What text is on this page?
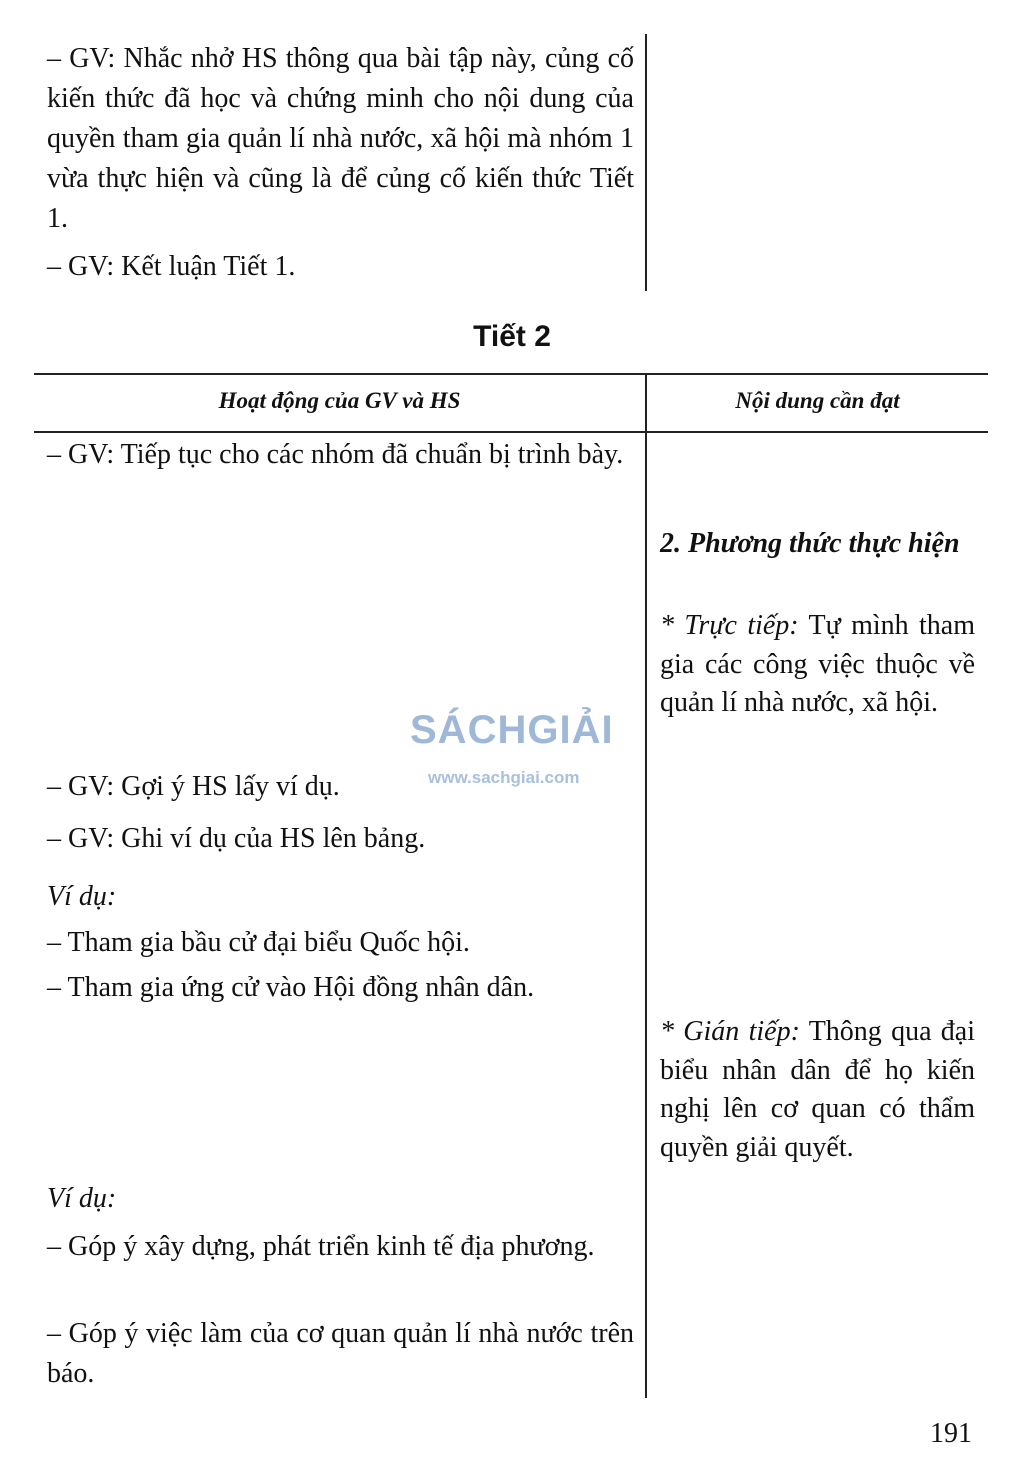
– GV: Nhắc nhở HS thông qua bài tập này, củng cố kiến thức đã học và chứng minh cho nội dung của quyền tham gia quản lí nhà nước, xã hội mà nhóm 1 vừa thực hiện và cũng là để củng cố kiến thức Tiết 1.

– GV: Kết luận Tiết 1.

Tiết 2
Hoạt động của GV và HS	Nội dung cần đạt

– GV: Tiếp tục cho các nhóm đã chuẩn bị trình bày.

– GV: Gợi ý HS lấy ví dụ.

– GV: Ghi ví dụ của HS lên bảng.

Ví dụ:

– Tham gia bầu cử đại biểu Quốc hội.

– Tham gia ứng cử vào Hội đồng nhân dân.

Ví dụ:

– Góp ý xây dựng, phát triển kinh tế địa phương.

– Góp ý việc làm của cơ quan quản lí nhà nước trên báo.

2. Phương thức thực hiện

* Trực tiếp: Tự mình tham gia các công việc thuộc về quản lí nhà nước, xã hội.

* Gián tiếp: Thông qua đại biểu nhân dân để họ kiến nghị lên cơ quan có thẩm quyền giải quyết.

SÁCHGIẢI
www.sachgiai.com
191
